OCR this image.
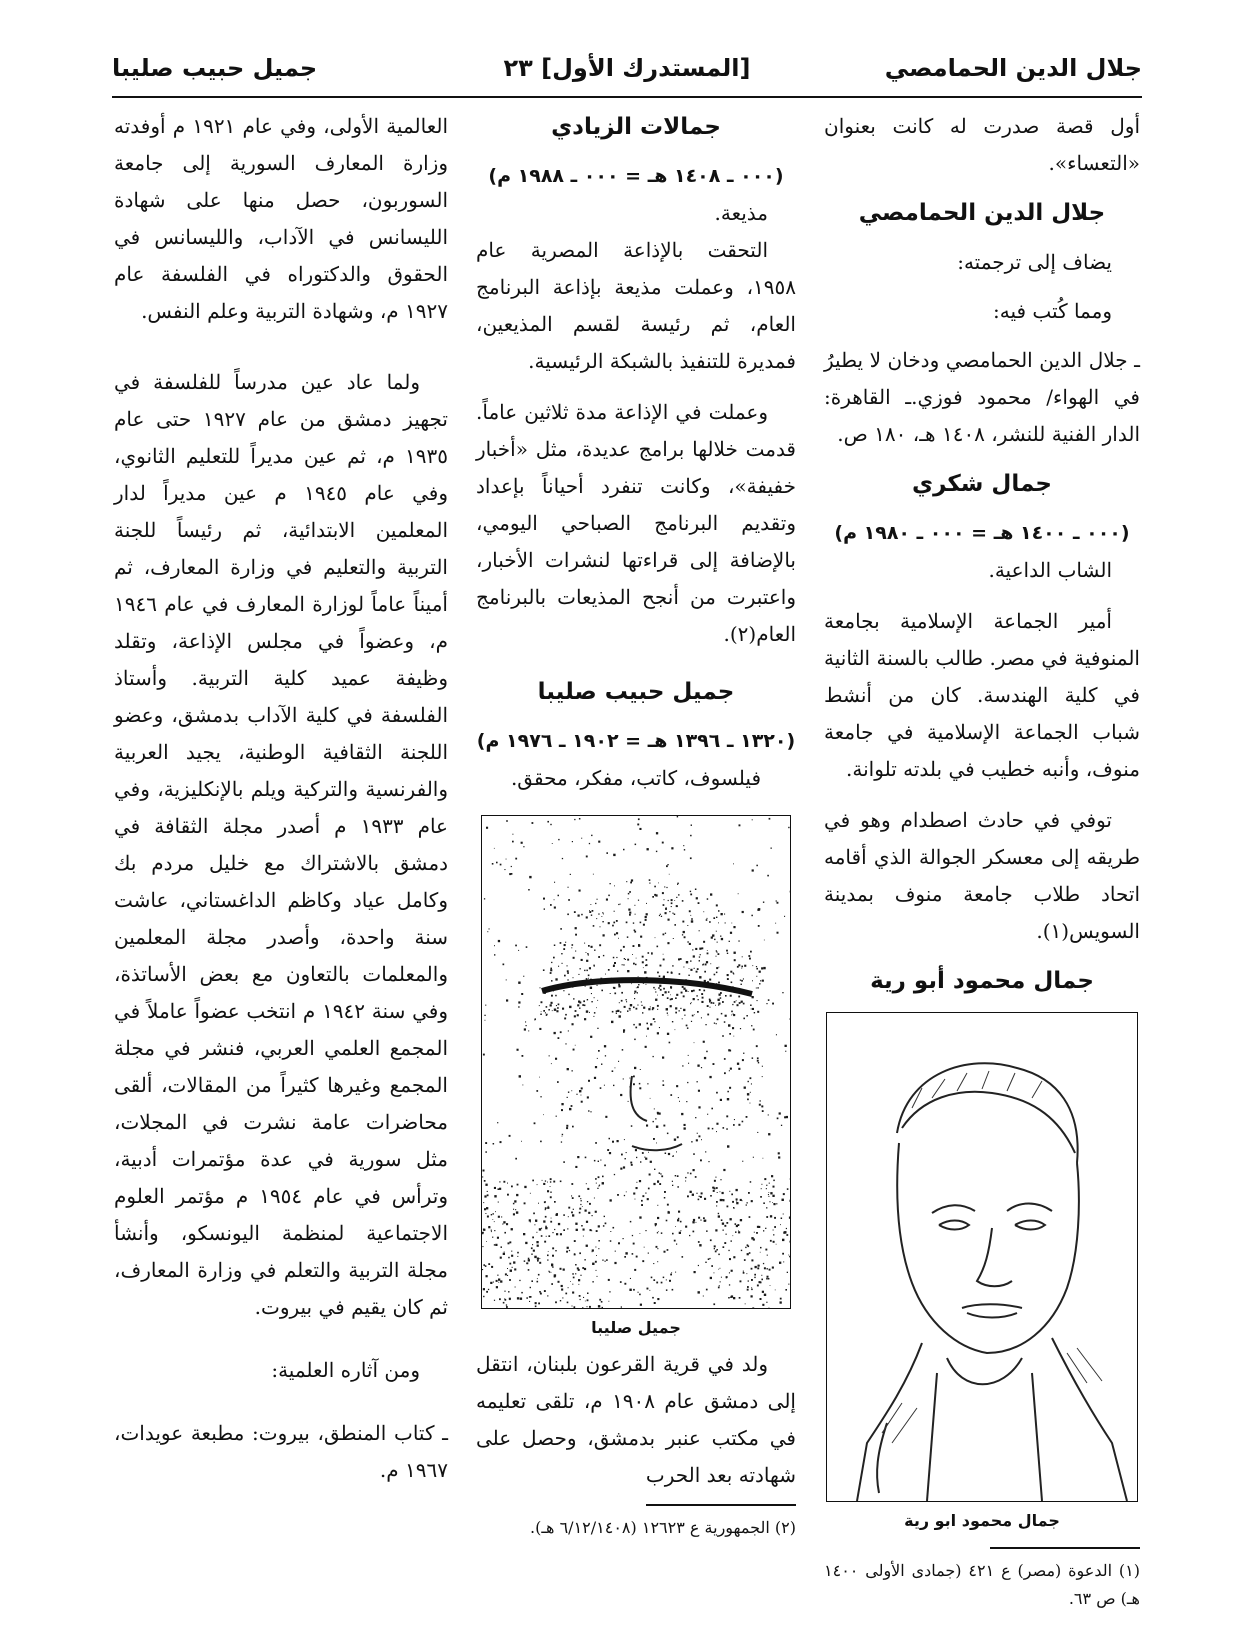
جلال الدين الحمامصي
[المستدرك الأول] ٢٣
جميل حبيب صليبا

أول قصة صدرت له كانت بعنوان «التعساء».

جلال الدين الحمامصي

يضاف إلى ترجمته:

ومما كُتب فيه:

ـ جلال الدين الحمامصي ودخان لا يطيرُ في الهواء/ محمود فوزي.ـ القاهرة: الدار الفنية للنشر، ١٤٠٨ هـ، ١٨٠ ص.

جمال شكري

(٠٠٠ ـ ١٤٠٠ هـ = ٠٠٠ ـ ١٩٨٠ م)

الشاب الداعية.

أمير الجماعة الإسلامية بجامعة المنوفية في مصر. طالب بالسنة الثانية في كلية الهندسة. كان من أنشط شباب الجماعة الإسلامية في جامعة منوف، وأنبه خطيب في بلدته تلوانة.

توفي في حادث اصطدام وهو في طريقه إلى معسكر الجوالة الذي أقامه اتحاد طلاب جامعة منوف بمدينة السويس(١).

جمال محمود أبو رية

جمال محمود ابو رية

(١) الدعوة (مصر) ع ٤٢١ (جمادى الأولى ١٤٠٠ هـ) ص ٦٣.

جمالات الزيادي

(٠٠٠ ـ ١٤٠٨ هـ = ٠٠٠ ـ ١٩٨٨ م)

مذيعة.

التحقت بالإذاعة المصرية عام ١٩٥٨، وعملت مذيعة بإذاعة البرنامج العام، ثم رئيسة لقسم المذيعين، فمديرة للتنفيذ بالشبكة الرئيسية.

وعملت في الإذاعة مدة ثلاثين عاماً. قدمت خلالها برامج عديدة، مثل «أخبار خفيفة»، وكانت تنفرد أحياناً بإعداد وتقديم البرنامج الصباحي اليومي، بالإضافة إلى قراءتها لنشرات الأخبار، واعتبرت من أنجح المذيعات بالبرنامج العام(٢).

جميل حبيب صليبا

(١٣٢٠ ـ ١٣٩٦ هـ = ١٩٠٢ ـ ١٩٧٦ م)

فيلسوف، كاتب، مفكر، محقق.

جميل صليبا

ولد في قرية القرعون بلبنان، انتقل إلى دمشق عام ١٩٠٨ م، تلقى تعليمه في مكتب عنبر بدمشق، وحصل على شهادته بعد الحرب

(٢) الجمهورية ع ١٢٦٢٣ (٦/١٢/١٤٠٨ هـ).

العالمية الأولى، وفي عام ١٩٢١ م أوفدته وزارة المعارف السورية إلى جامعة السوربون، حصل منها على شهادة الليسانس في الآداب، والليسانس في الحقوق والدكتوراه في الفلسفة عام ١٩٢٧ م، وشهادة التربية وعلم النفس.

ولما عاد عين مدرساً للفلسفة في تجهيز دمشق من عام ١٩٢٧ حتى عام ١٩٣٥ م، ثم عين مديراً للتعليم الثانوي، وفي عام ١٩٤٥ م عين مديراً لدار المعلمين الابتدائية، ثم رئيساً للجنة التربية والتعليم في وزارة المعارف، ثم أميناً عاماً لوزارة المعارف في عام ١٩٤٦ م، وعضواً في مجلس الإذاعة، وتقلد وظيفة عميد كلية التربية. وأستاذ الفلسفة في كلية الآداب بدمشق، وعضو اللجنة الثقافية الوطنية، يجيد العربية والفرنسية والتركية ويلم بالإنكليزية، وفي عام ١٩٣٣ م أصدر مجلة الثقافة في دمشق بالاشتراك مع خليل مردم بك وكامل عياد وكاظم الداغستاني، عاشت سنة واحدة، وأصدر مجلة المعلمين والمعلمات بالتعاون مع بعض الأساتذة، وفي سنة ١٩٤٢ م انتخب عضواً عاملاً في المجمع العلمي العربي، فنشر في مجلة المجمع وغيرها كثيراً من المقالات، ألقى محاضرات عامة نشرت في المجلات، مثل سورية في عدة مؤتمرات أدبية، وترأس في عام ١٩٥٤ م مؤتمر العلوم الاجتماعية لمنظمة اليونسكو، وأنشأ مجلة التربية والتعلم في وزارة المعارف، ثم كان يقيم في بيروت.

ومن آثاره العلمية:

ـ كتاب المنطق، بيروت: مطبعة عويدات، ١٩٦٧ م.
